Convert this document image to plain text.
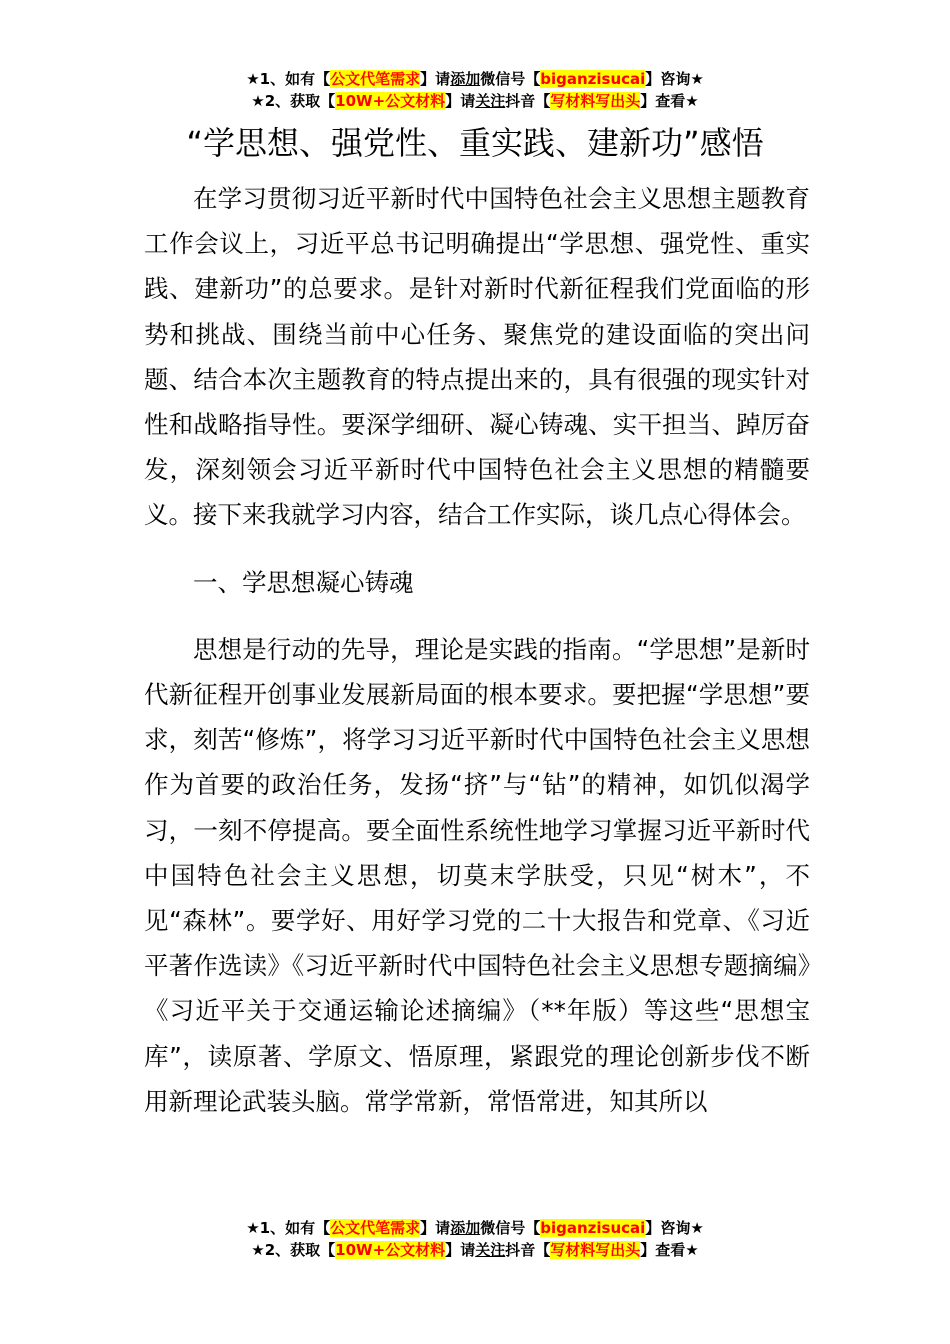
★1、如有【公文代笔需求】请添加微信号【biganzisucai】咨询★
★2、获取【10W+公文材料】请关注抖音【写材料写出头】查看★
“学思想、强党性、重实践、建新功”感悟

在学习贯彻习近平新时代中国特色社会主义思想主题教育工作会议上，习近平总书记明确提出“学思想、强党性、重实践、建新功”的总要求。是针对新时代新征程我们党面临的形势和挑战、围绕当前中心任务、聚焦党的建设面临的突出问题、结合本次主题教育的特点提出来的，具有很强的现实针对性和战略指导性。要深学细研、凝心铸魂、实干担当、踔厉奋发，深刻领会习近平新时代中国特色社会主义思想的精髓要义。接下来我就学习内容，结合工作实际，谈几点心得体会。

一、学思想凝心铸魂

思想是行动的先导，理论是实践的指南。“学思想”是新时代新征程开创事业发展新局面的根本要求。要把握“学思想”要求，刻苦“修炼”，将学习习近平新时代中国特色社会主义思想作为首要的政治任务，发扬“挤”与“钻”的精神，如饥似渴学习，一刻不停提高。要全面性系统性地学习掌握习近平新时代中国特色社会主义思想，切莫末学肤受，只见“树木”，不见“森林”。要学好、用好学习党的二十大报告和党章、《习近平著作选读》《习近平新时代中国特色社会主义思想专题摘编》《习近平关于交通运输论述摘编》（**年版）等这些“思想宝库”，读原著、学原文、悟原理，紧跟党的理论创新步伐不断用新理论武装头脑。常学常新，常悟常进，知其所以

★1、如有【公文代笔需求】请添加微信号【biganzisucai】咨询★
★2、获取【10W+公文材料】请关注抖音【写材料写出头】查看★
